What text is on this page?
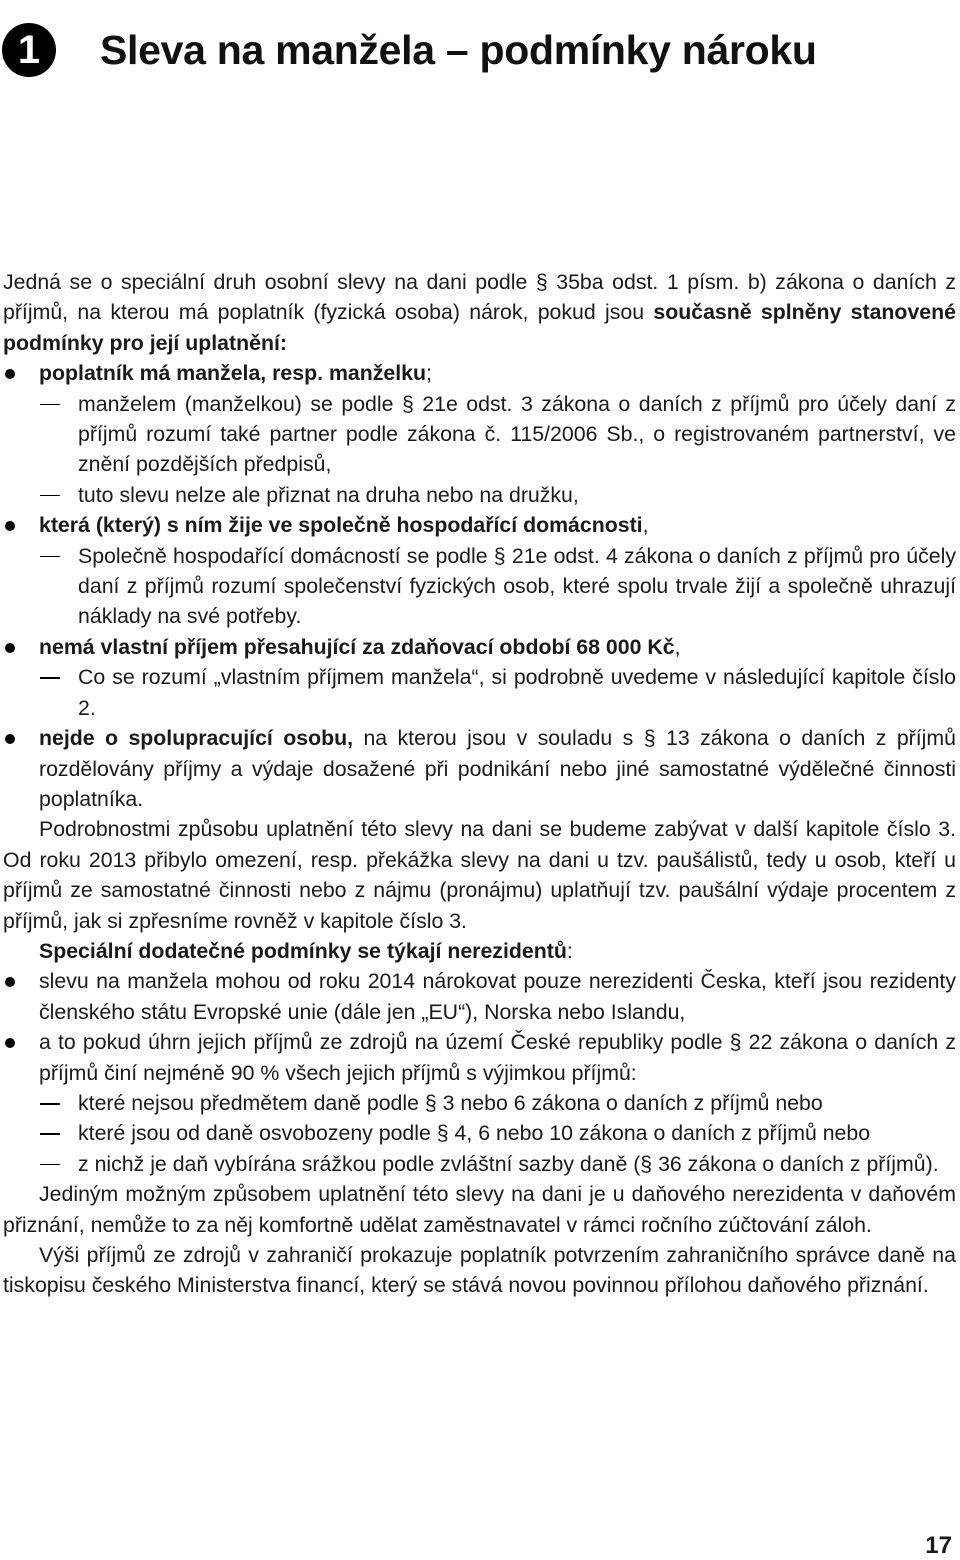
1	Sleva na manžela – podmínky nároku

Jedná se o speciální druh osobní slevy na dani podle § 35ba odst. 1 písm. b) zákona o daních z příjmů, na kterou má poplatník (fyzická osoba) nárok, pokud jsou současně splněny stanovené podmínky pro její uplatnění:

poplatník má manžela, resp. manželku;
manželem (manželkou) se podle § 21e odst. 3 zákona o daních z příjmů pro účely daní z příjmů rozumí také partner podle zákona č. 115/2006 Sb., o registrovaném partnerství, ve znění pozdějších předpisů,
tuto slevu nelze ale přiznat na druha nebo na družku,
která (který) s ním žije ve společně hospodařící domácnosti,
Společně hospodařící domácností se podle § 21e odst. 4 zákona o daních z příjmů pro účely daní z příjmů rozumí společenství fyzických osob, které spolu trvale žijí a společně uhrazují náklady na své potřeby.
nemá vlastní příjem přesahující za zdaňovací období 68 000 Kč,
Co se rozumí „vlastním příjmem manžela“, si podrobně uvedeme v následující kapitole číslo 2.
nejde o spolupracující osobu, na kterou jsou v souladu s § 13 zákona o daních z příjmů rozdělovány příjmy a výdaje dosažené při podnikání nebo jiné samostatné výdělečné činnosti poplatníka.

Podrobnostmi způsobu uplatnění této slevy na dani se budeme zabývat v další kapitole číslo 3. Od roku 2013 přibylo omezení, resp. překážka slevy na dani u tzv. paušálistů, tedy u osob, kteří u příjmů ze samostatné činnosti nebo z nájmu (pronájmu) uplatňují tzv. paušální výdaje procentem z příjmů, jak si zpřesníme rovněž v kapitole číslo 3.

Speciální dodatečné podmínky se týkají nerezidentů:

slevu na manžela mohou od roku 2014 nárokovat pouze nerezidenti Česka, kteří jsou rezidenty členského státu Evropské unie (dále jen „EU“), Norska nebo Islandu,
a to pokud úhrn jejich příjmů ze zdrojů na území České republiky podle § 22 zákona o daních z příjmů činí nejméně 90 % všech jejich příjmů s výjimkou příjmů:
které nejsou předmětem daně podle § 3 nebo 6 zákona o daních z příjmů nebo
které jsou od daně osvobozeny podle § 4, 6 nebo 10 zákona o daních z příjmů nebo
z nichž je daň vybírána srážkou podle zvláštní sazby daně (§ 36 zákona o daních z příjmů).

Jediným možným způsobem uplatnění této slevy na dani je u daňového nerezidenta v daňovém přiznání, nemůže to za něj komfortně udělat zaměstnavatel v rámci ročního zúčtování záloh.

Výši příjmů ze zdrojů v zahraničí prokazuje poplatník potvrzením zahraničního správce daně na tiskopisu českého Ministerstva financí, který se stává novou povinnou přílohou daňového přiznání.

17
